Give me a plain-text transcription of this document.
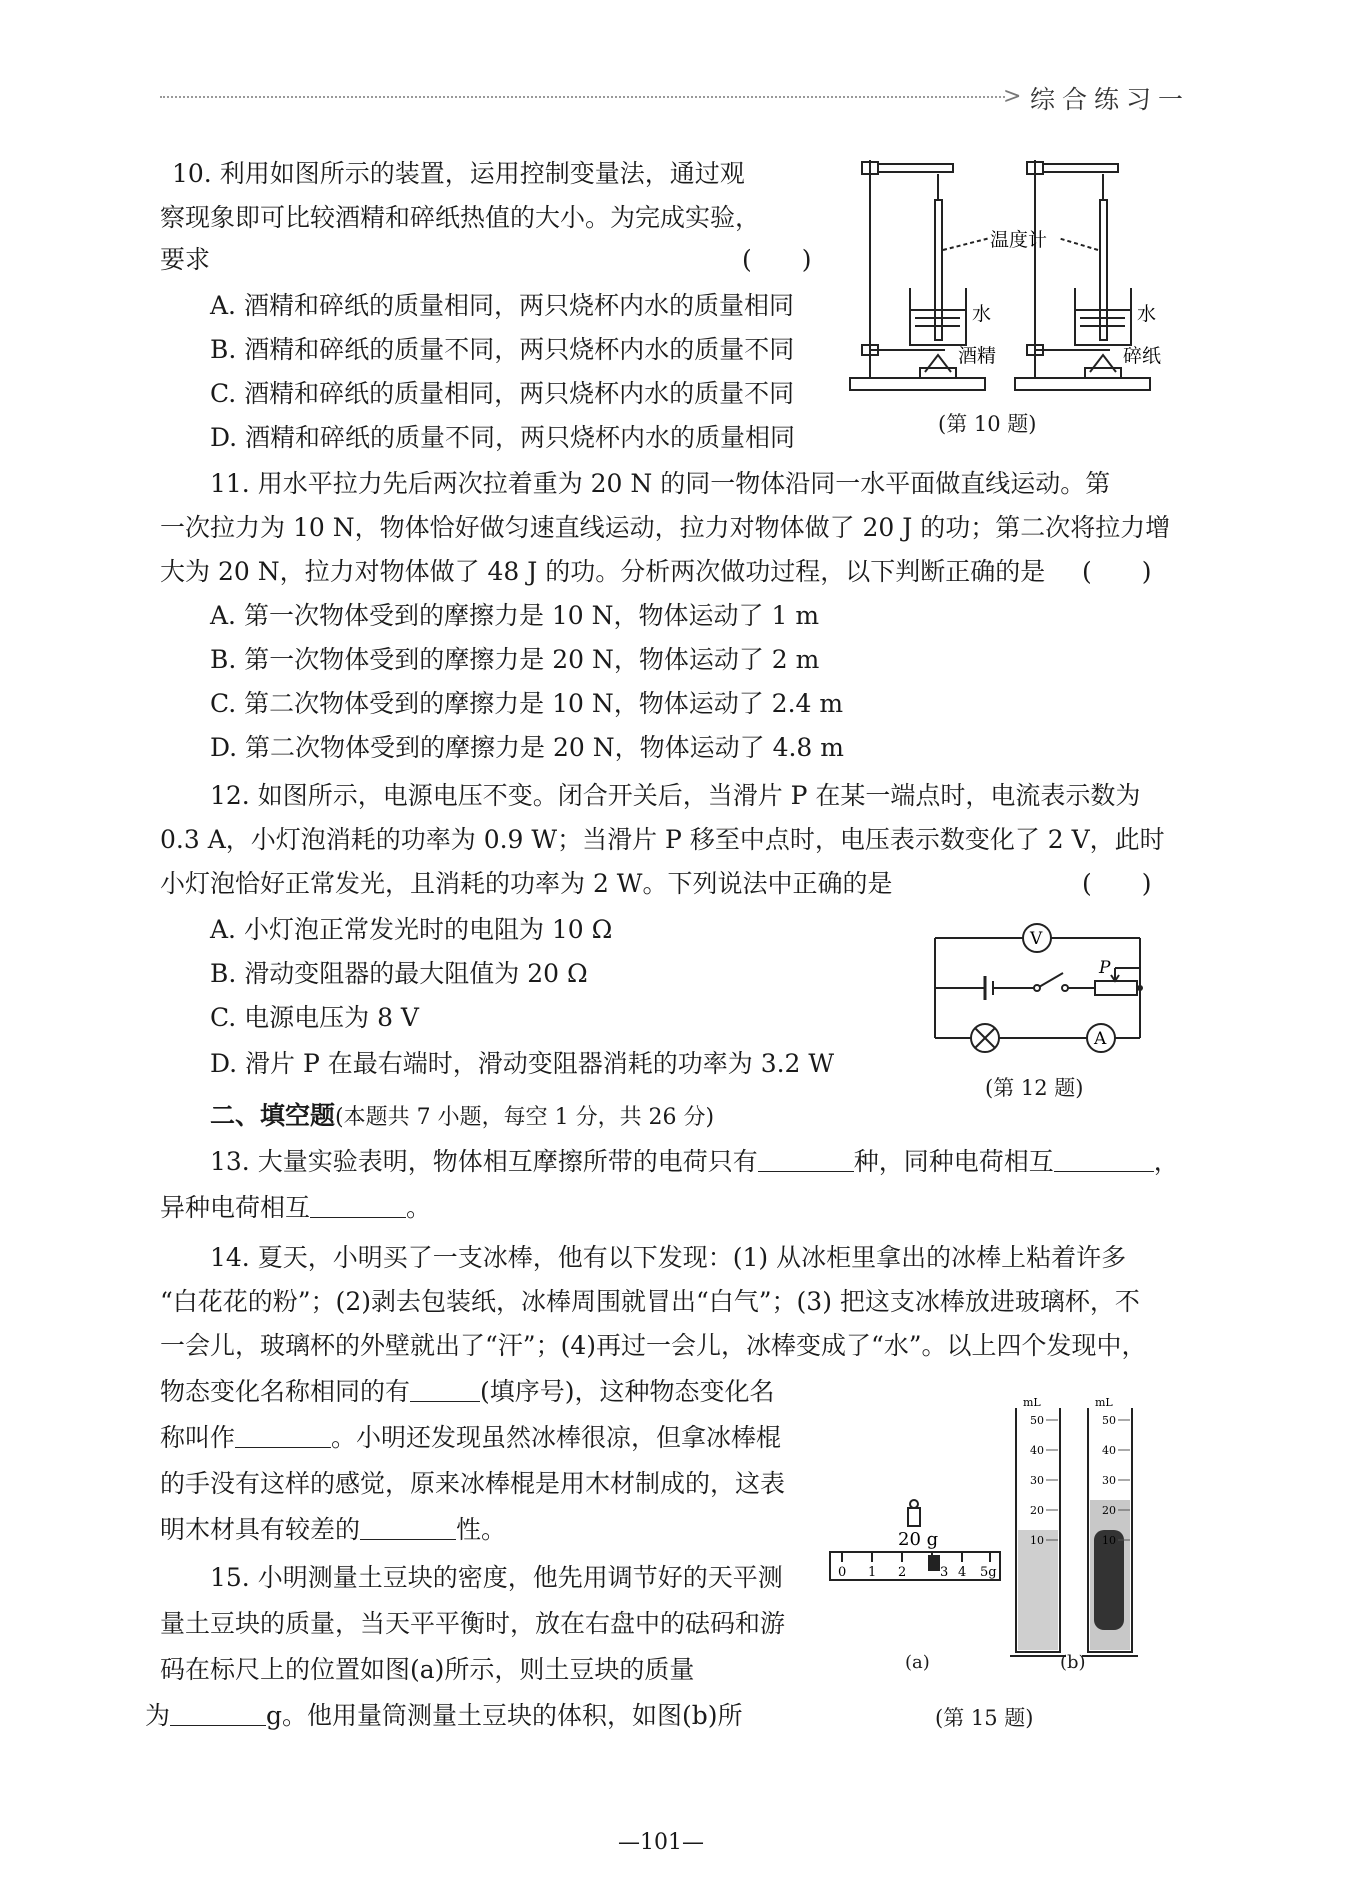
> 综合练习一
10. 利用如图所示的装置，运用控制变量法，通过观
察现象即可比较酒精和碎纸热值的大小。为完成实验，
要求	(　　)
A. 酒精和碎纸的质量相同，两只烧杯内水的质量相同
B. 酒精和碎纸的质量不同，两只烧杯内水的质量不同
C. 酒精和碎纸的质量相同，两只烧杯内水的质量不同
D. 酒精和碎纸的质量不同，两只烧杯内水的质量相同
温度计
水	水
酒精	碎纸
(第 10 题)
11. 用水平拉力先后两次拉着重为 20 N 的同一物体沿同一水平面做直线运动。第
一次拉力为 10 N，物体恰好做匀速直线运动，拉力对物体做了 20 J 的功；第二次将拉力增
大为 20 N，拉力对物体做了 48 J 的功。分析两次做功过程，以下判断正确的是 (　　)
A. 第一次物体受到的摩擦力是 10 N，物体运动了 1 m
B. 第一次物体受到的摩擦力是 20 N，物体运动了 2 m
C. 第二次物体受到的摩擦力是 10 N，物体运动了 2.4 m
D. 第二次物体受到的摩擦力是 20 N，物体运动了 4.8 m
12. 如图所示，电源电压不变。闭合开关后，当滑片 P 在某一端点时，电流表示数为
0.3 A，小灯泡消耗的功率为 0.9 W；当滑片 P 移至中点时，电压表示数变化了 2 V，此时
小灯泡恰好正常发光，且消耗的功率为 2 W。下列说法中正确的是	(　　)
A. 小灯泡正常发光时的电阻为 10 Ω
B. 滑动变阻器的最大阻值为 20 Ω
C. 电源电压为 8 V
D. 滑片 P 在最右端时，滑动变阻器消耗的功率为 3.2 W
V
A
P
(第 12 题)
二、填空题(本题共 7 小题，每空 1 分，共 26 分)
13. 大量实验表明，物体相互摩擦所带的电荷只有	种，同种电荷相互	，
异种电荷相互	。
14. 夏天，小明买了一支冰棒，他有以下发现：(1) 从冰柜里拿出的冰棒上粘着许多
“白花花的粉”；(2)剥去包装纸，冰棒周围就冒出“白气”；(3) 把这支冰棒放进玻璃杯，不
一会儿，玻璃杯的外壁就出了“汗”；(4)再过一会儿，冰棒变成了“水”。以上四个发现中，
物态变化名称相同的有	(填序号)，这种物态变化名
称叫作	。小明还发现虽然冰棒很凉，但拿冰棒棍
的手没有这样的感觉，原来冰棒棍是用木材制成的，这表
明木材具有较差的	性。
15. 小明测量土豆块的密度，他先用调节好的天平测
量土豆块的质量，当天平平衡时，放在右盘中的砝码和游
码在标尺上的位置如图(a)所示，则土豆块的质量
为	g。他用量筒测量土豆块的体积，如图(b)所
20 g
0 1 2	3 4 5g
mL	mL
50
40
30
20
10
50
40
30
20
10
(a)	(b)
(第 15 题)
—101—
